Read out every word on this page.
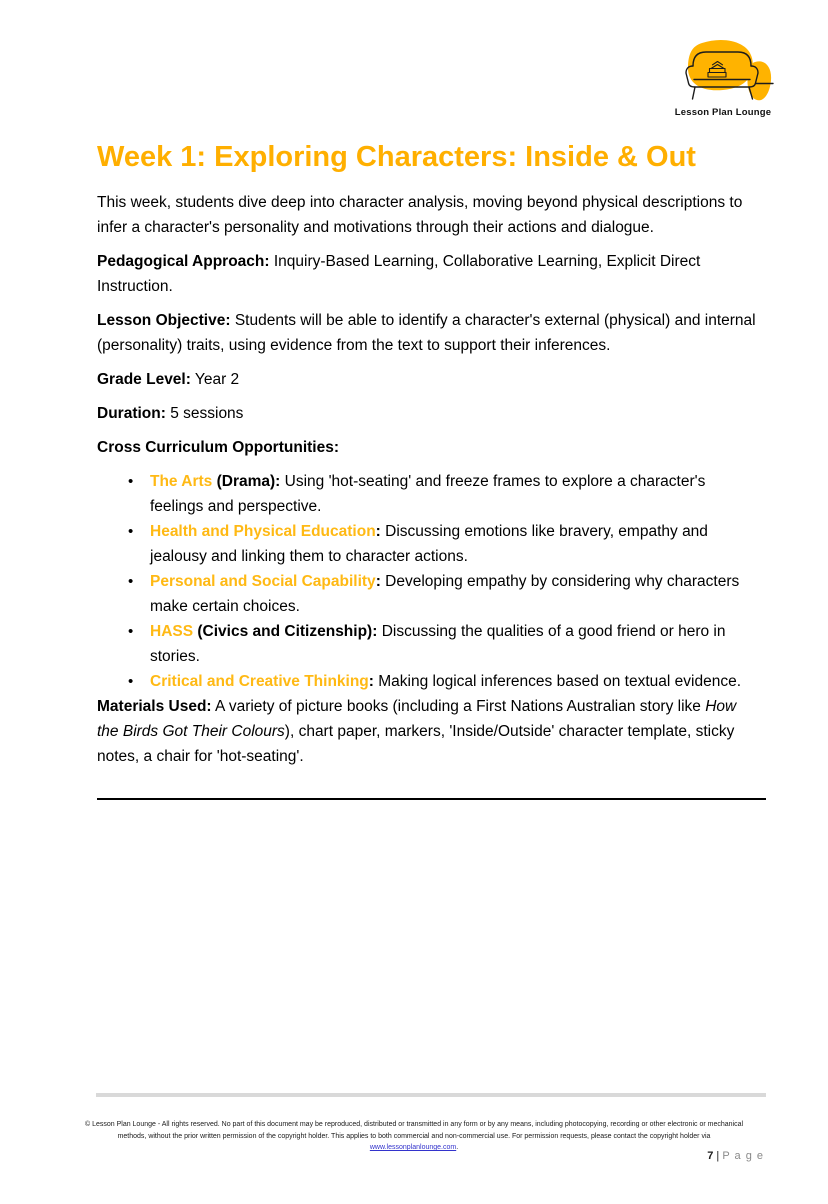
Lesson Plan Lounge
Week 1: Exploring Characters: Inside & Out

This week, students dive deep into character analysis, moving beyond physical descriptions to infer a character's personality and motivations through their actions and dialogue.

Pedagogical Approach: Inquiry-Based Learning, Collaborative Learning, Explicit Direct Instruction.

Lesson Objective: Students will be able to identify a character's external (physical) and internal (personality) traits, using evidence from the text to support their inferences.

Grade Level: Year 2

Duration: 5 sessions

Cross Curriculum Opportunities:

• The Arts (Drama): Using 'hot-seating' and freeze frames to explore a character's feelings and perspective.
• Health and Physical Education: Discussing emotions like bravery, empathy and jealousy and linking them to character actions.
• Personal and Social Capability: Developing empathy by considering why characters make certain choices.
• HASS (Civics and Citizenship): Discussing the qualities of a good friend or hero in stories.
• Critical and Creative Thinking: Making logical inferences based on textual evidence.

Materials Used: A variety of picture books (including a First Nations Australian story like How the Birds Got Their Colours), chart paper, markers, 'Inside/Outside' character template, sticky notes, a chair for 'hot-seating'.

© Lesson Plan Lounge - All rights reserved. No part of this document may be reproduced, distributed or transmitted in any form or by any means, including photocopying, recording or other electronic or mechanical methods, without the prior written permission of the copyright holder. This applies to both commercial and non-commercial use. For permission requests, please contact the copyright holder via www.lessonplanlounge.com.
7 | P a g e
